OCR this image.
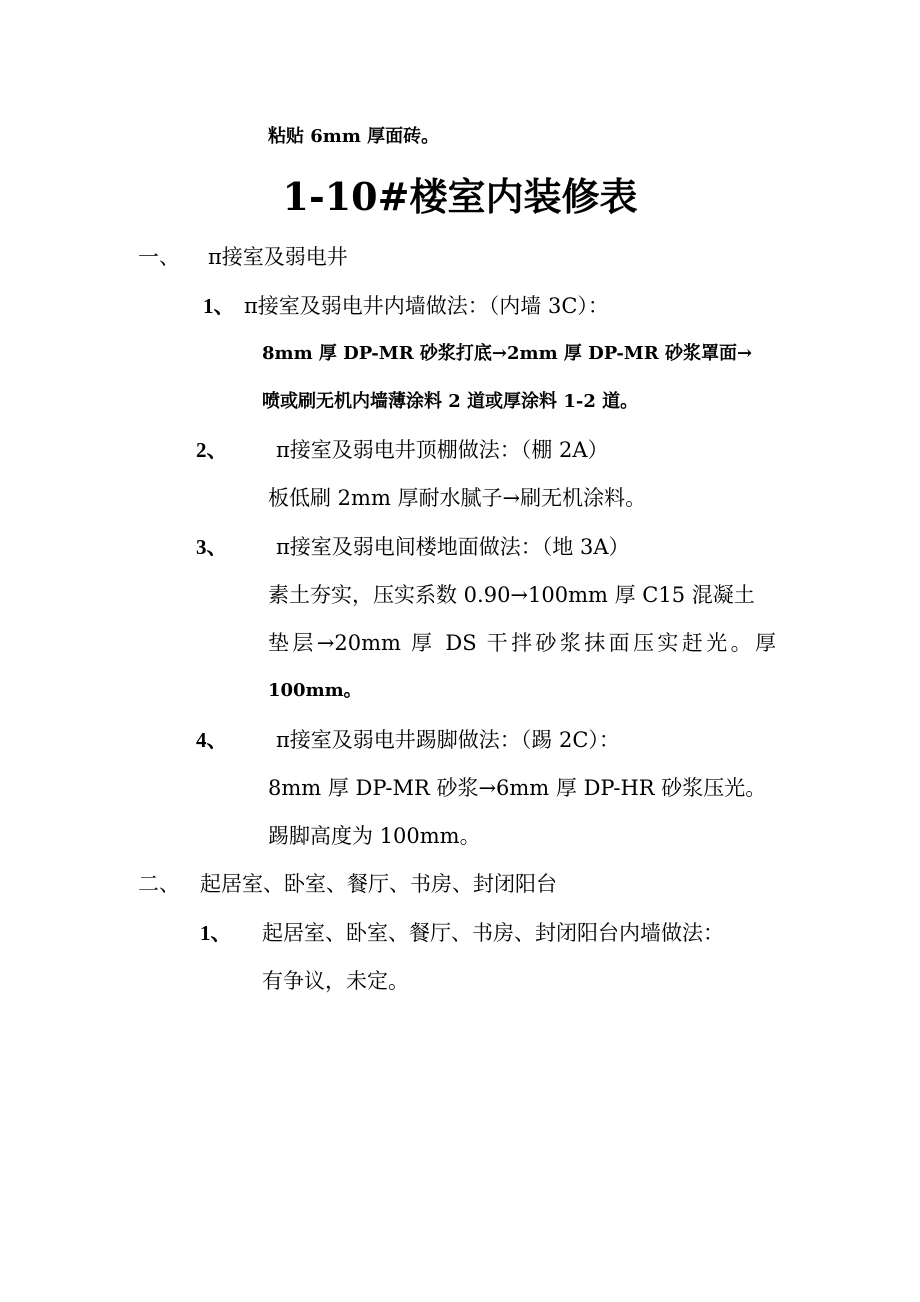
粘贴 6mm 厚面砖。

1-10#楼室内装修表
一、 π接室及弱电井
1、 π接室及弱电井内墙做法：（内墙 3C）：

8mm 厚 DP-MR 砂浆打底→2mm 厚 DP-MR 砂浆罩面→

喷或刷无机内墙薄涂料 2 道或厚涂料 1-2 道。

2、 π接室及弱电井顶棚做法：（棚 2A）

板低刷 2mm 厚耐水腻子→刷无机涂料。

3、 π接室及弱电间楼地面做法：（地 3A）

素土夯实，压实系数 0.90→100mm 厚 C15 混凝土

垫层→20mm 厚 DS 干拌砂浆抹面压实赶光。厚

100mm。

4、 π接室及弱电井踢脚做法：（踢 2C）：

8mm 厚 DP-MR 砂浆→6mm 厚 DP-HR 砂浆压光。

踢脚高度为 100mm。

二、 起居室、卧室、餐厅、书房、封闭阳台
1、 起居室、卧室、餐厅、书房、封闭阳台内墙做法：

有争议，未定。
